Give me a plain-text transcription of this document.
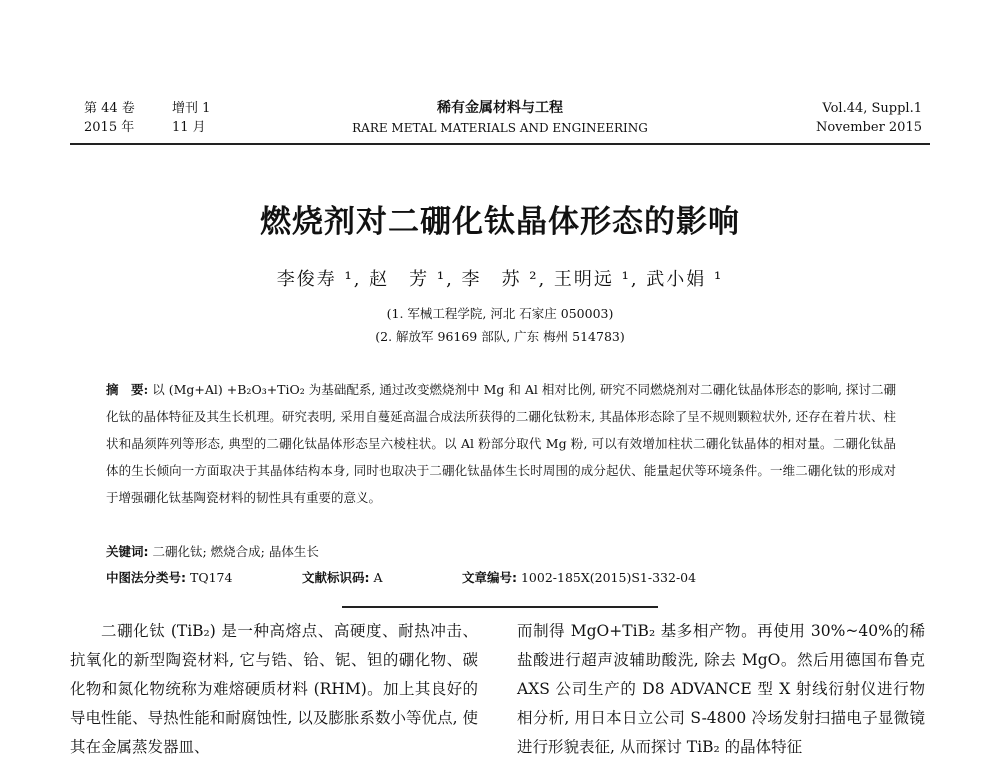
第 44 卷	增刊 1
2015 年	11 月
稀有金属材料与工程
RARE METAL MATERIALS AND ENGINEERING
Vol.44, Suppl.1
November 2015
燃烧剂对二硼化钛晶体形态的影响
李俊寿 ¹, 赵　芳 ¹, 李　苏 ², 王明远 ¹, 武小娟 ¹
(1. 军械工程学院, 河北 石家庄 050003)
(2. 解放军 96169 部队, 广东 梅州 514783)
摘　要: 以 (Mg+Al) +B₂O₃+TiO₂ 为基础配系, 通过改变燃烧剂中 Mg 和 Al 相对比例, 研究不同燃烧剂对二硼化钛晶体形态的影响, 探讨二硼化钛的晶体特征及其生长机理。研究表明, 采用自蔓延高温合成法所获得的二硼化钛粉末, 其晶体形态除了呈不规则颗粒状外, 还存在着片状、柱状和晶须阵列等形态, 典型的二硼化钛晶体形态呈六棱柱状。以 Al 粉部分取代 Mg 粉, 可以有效增加柱状二硼化钛晶体的相对量。二硼化钛晶体的生长倾向一方面取决于其晶体结构本身, 同时也取决于二硼化钛晶体生长时周围的成分起伏、能量起伏等环境条件。一维二硼化钛的形成对于增强硼化钛基陶瓷材料的韧性具有重要的意义。
关键词: 二硼化钛; 燃烧合成; 晶体生长
中图法分类号: TQ174	文献标识码: A	文章编号: 1002-185X(2015)S1-332-04

二硼化钛 (TiB₂) 是一种高熔点、高硬度、耐热冲击、抗氧化的新型陶瓷材料, 它与锆、铪、铌、钽的硼化物、碳化物和氮化物统称为难熔硬质材料 (RHM)。加上其良好的导电性能、导热性能和耐腐蚀性, 以及膨胀系数小等优点, 使其在金属蒸发器皿、

而制得 MgO+TiB₂ 基多相产物。再使用 30%~40%的稀盐酸进行超声波辅助酸洗, 除去 MgO。然后用德国布鲁克 AXS 公司生产的 D8 ADVANCE 型 X 射线衍射仪进行物相分析, 用日本日立公司 S-4800 冷场发射扫描电子显微镜进行形貌表征, 从而探讨 TiB₂ 的晶体特征
